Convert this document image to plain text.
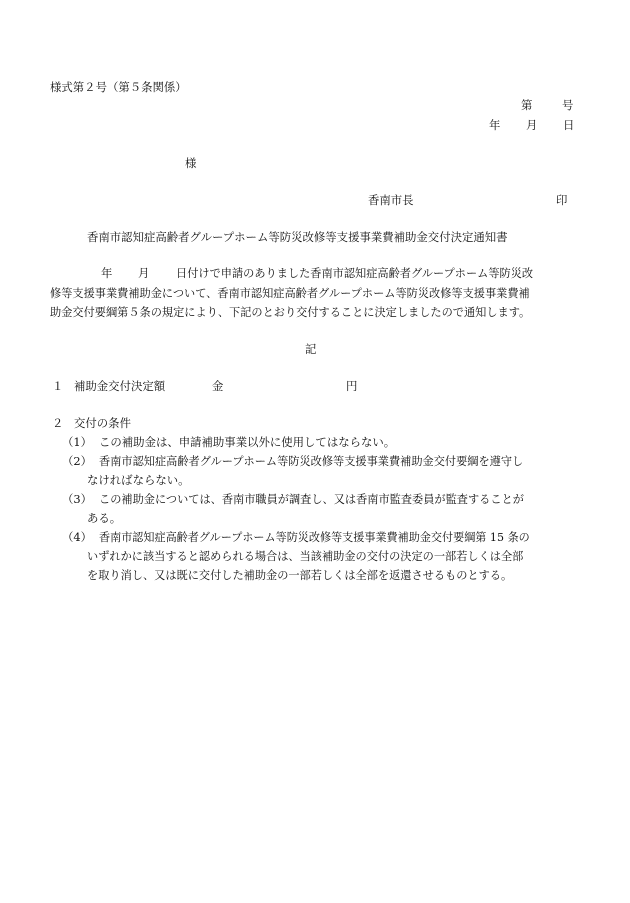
様式第２号（第５条関係）
第	号
年 月 日
様
香南市長	印
香南市認知症高齢者グループホーム等防災改修等支援事業費補助金交付決定通知書
年 月 日付けで申請のありました香南市認知症高齢者グループホーム等防災改
修等支援事業費補助金について、香南市認知症高齢者グループホーム等防災改修等支援事業費補
助金交付要綱第５条の規定により、下記のとおり交付することに決定しましたので通知します。
記
１ 補助金交付決定額	金	円
２ 交付の条件
（1） この補助金は、申請補助事業以外に使用してはならない。
（2） 香南市認知症高齢者グループホーム等防災改修等支援事業費補助金交付要綱を遵守し
なければならない。
（3） この補助金については、香南市職員が調査し、又は香南市監査委員が監査することが
ある。
（4） 香南市認知症高齢者グループホーム等防災改修等支援事業費補助金交付要綱第 15 条の
いずれかに該当すると認められる場合は、当該補助金の交付の決定の一部若しくは全部
を取り消し、又は既に交付した補助金の一部若しくは全部を返還させるものとする。
